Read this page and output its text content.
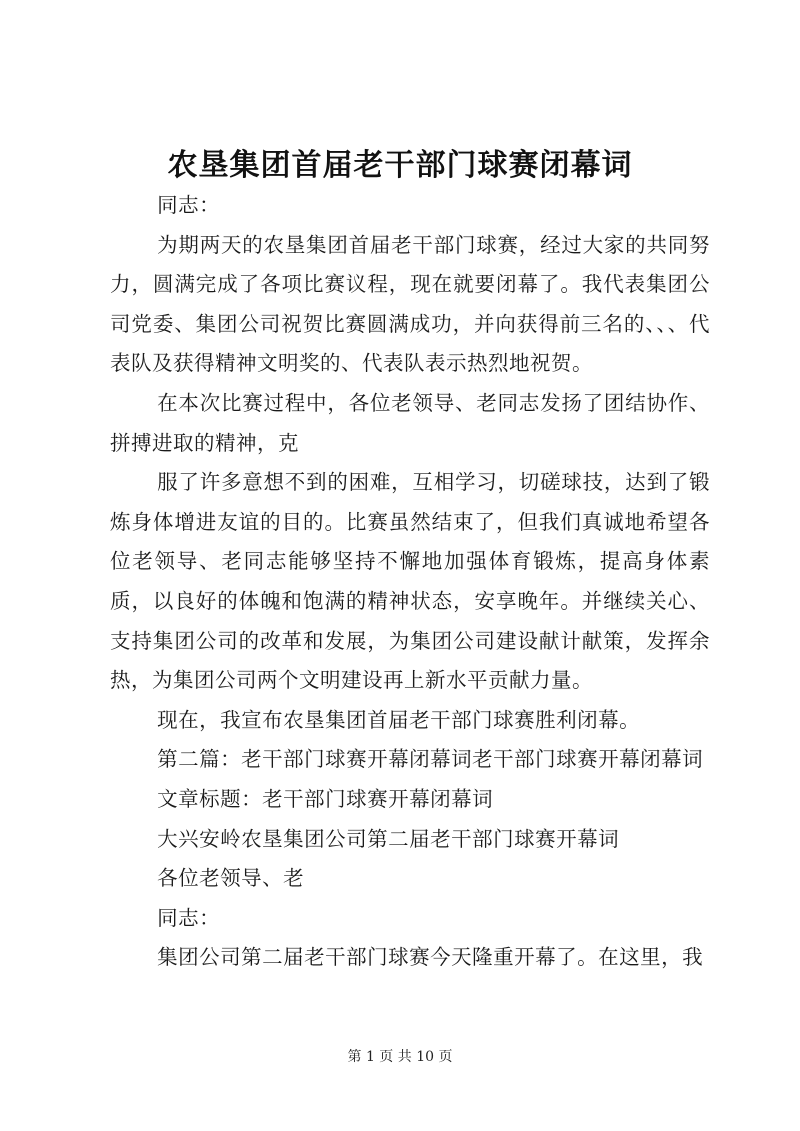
农垦集团首届老干部门球赛闭幕词

同志：

为期两天的农垦集团首届老干部门球赛，经过大家的共同努力，圆满完成了各项比赛议程，现在就要闭幕了。我代表集团公司党委、集团公司祝贺比赛圆满成功，并向获得前三名的、、、代表队及获得精神文明奖的、代表队表示热烈地祝贺。

在本次比赛过程中，各位老领导、老同志发扬了团结协作、拼搏进取的精神，克

服了许多意想不到的困难，互相学习，切磋球技，达到了锻炼身体增进友谊的目的。比赛虽然结束了，但我们真诚地希望各位老领导、老同志能够坚持不懈地加强体育锻炼，提高身体素质，以良好的体魄和饱满的精神状态，安享晚年。并继续关心、支持集团公司的改革和发展，为集团公司建设献计献策，发挥余热，为集团公司两个文明建设再上新水平贡献力量。

现在，我宣布农垦集团首届老干部门球赛胜利闭幕。

第二篇：老干部门球赛开幕闭幕词老干部门球赛开幕闭幕词

文章标题：老干部门球赛开幕闭幕词

大兴安岭农垦集团公司第二届老干部门球赛开幕词

各位老领导、老

同志：

集团公司第二届老干部门球赛今天隆重开幕了。在这里，我

第 1 页 共 10 页
